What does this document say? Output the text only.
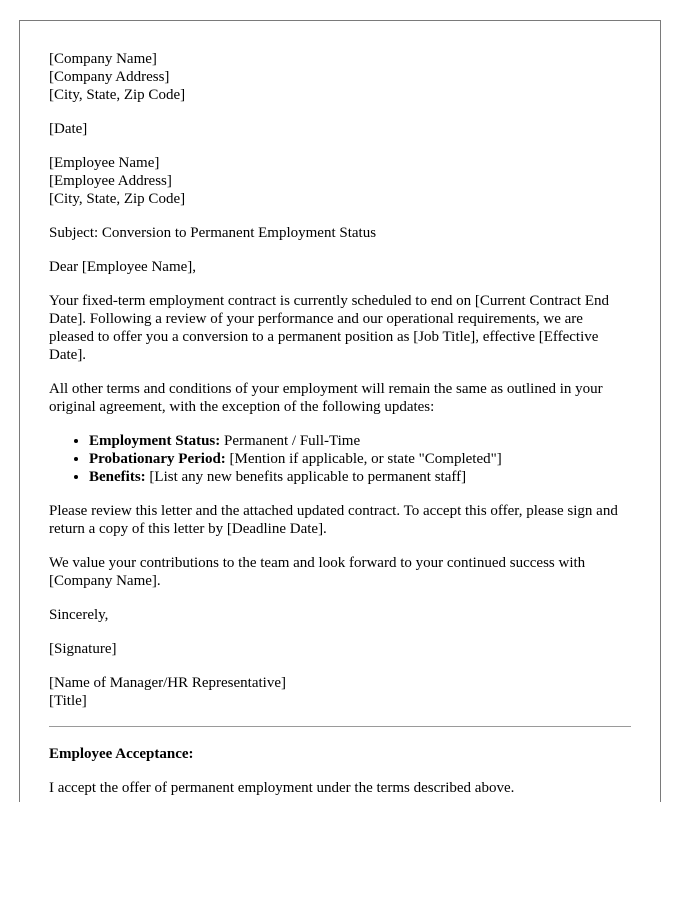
[Company Name]
[Company Address]
[City, State, Zip Code]

[Date]

[Employee Name]
[Employee Address]
[City, State, Zip Code]

Subject: Conversion to Permanent Employment Status

Dear [Employee Name],

Your fixed-term employment contract is currently scheduled to end on [Current Contract End Date]. Following a review of your performance and our operational requirements, we are pleased to offer you a conversion to a permanent position as [Job Title], effective [Effective Date].

All other terms and conditions of your employment will remain the same as outlined in your original agreement, with the exception of the following updates:

• Employment Status: Permanent / Full-Time
• Probationary Period: [Mention if applicable, or state "Completed"]
• Benefits: [List any new benefits applicable to permanent staff]

Please review this letter and the attached updated contract. To accept this offer, please sign and return a copy of this letter by [Deadline Date].

We value your contributions to the team and look forward to your continued success with [Company Name].

Sincerely,

[Signature]

[Name of Manager/HR Representative]
[Title]

Employee Acceptance:

I accept the offer of permanent employment under the terms described above.
